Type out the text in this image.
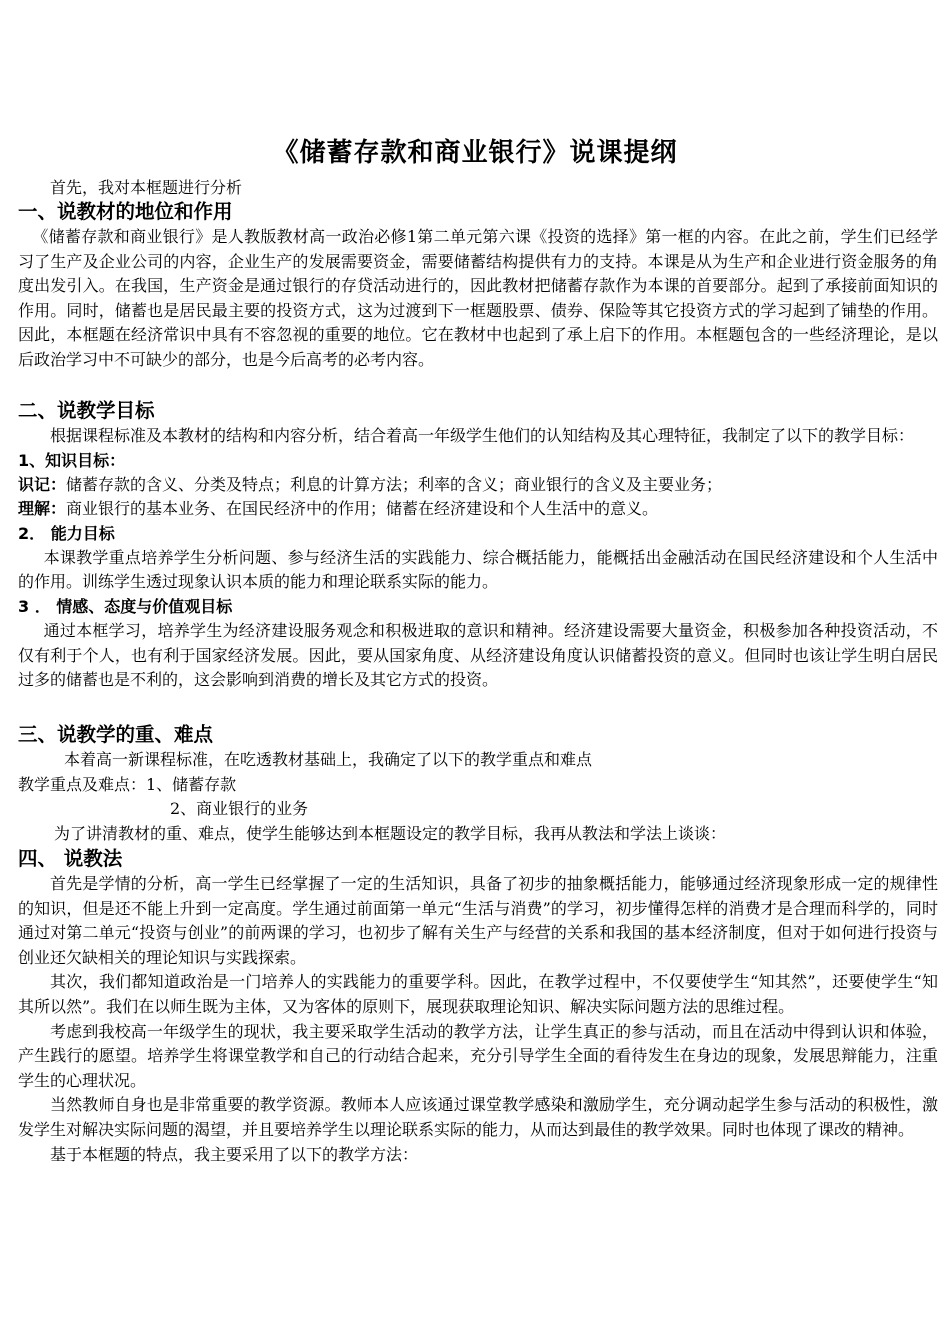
《储蓄存款和商业银行》说课提纲

首先，我对本框题进行分析

一、说教材的地位和作用

《储蓄存款和商业银行》是人教版教材高一政治必修1第二单元第六课《投资的选择》第一框的内容。在此之前，学生们已经学习了生产及企业公司的内容，企业生产的发展需要资金，需要储蓄结构提供有力的支持。本课是从为生产和企业进行资金服务的角度出发引入。在我国，生产资金是通过银行的存贷活动进行的，因此教材把储蓄存款作为本课的首要部分。起到了承接前面知识的作用。同时，储蓄也是居民最主要的投资方式，这为过渡到下一框题股票、债券、保险等其它投资方式的学习起到了铺垫的作用。因此，本框题在经济常识中具有不容忽视的重要的地位。它在教材中也起到了承上启下的作用。本框题包含的一些经济理论，是以后政治学习中不可缺少的部分，也是今后高考的必考内容。

二、说教学目标

根据课程标准及本教材的结构和内容分析，结合着高一年级学生他们的认知结构及其心理特征，我制定了以下的教学目标：

1、知识目标：

识记：储蓄存款的含义、分类及特点；利息的计算方法；利率的含义；商业银行的含义及主要业务；

理解：商业银行的基本业务、在国民经济中的作用；储蓄在经济建设和个人生活中的意义。

2． 能力目标

本课教学重点培养学生分析问题、参与经济生活的实践能力、综合概括能力，能概括出金融活动在国民经济建设和个人生活中的作用。训练学生透过现象认识本质的能力和理论联系实际的能力。

3 ． 情感、态度与价值观目标

通过本框学习，培养学生为经济建设服务观念和积极进取的意识和精神。经济建设需要大量资金，积极参加各种投资活动，不仅有利于个人，也有利于国家经济发展。因此，要从国家角度、从经济建设角度认识储蓄投资的意义。但同时也该让学生明白居民过多的储蓄也是不利的，这会影响到消费的增长及其它方式的投资。

三、说教学的重、难点

本着高一新课程标准，在吃透教材基础上，我确定了以下的教学重点和难点

教学重点及难点：1、储蓄存款

2、商业银行的业务

为了讲清教材的重、难点，使学生能够达到本框题设定的教学目标，我再从教法和学法上谈谈：

四、 说教法

首先是学情的分析，高一学生已经掌握了一定的生活知识，具备了初步的抽象概括能力，能够通过经济现象形成一定的规律性的知识，但是还不能上升到一定高度。学生通过前面第一单元“生活与消费”的学习，初步懂得怎样的消费才是合理而科学的，同时通过对第二单元“投资与创业”的前两课的学习，也初步了解有关生产与经营的关系和我国的基本经济制度，但对于如何进行投资与创业还欠缺相关的理论知识与实践探索。

其次，我们都知道政治是一门培养人的实践能力的重要学科。因此，在教学过程中，不仅要使学生“知其然”，还要使学生“知其所以然”。我们在以师生既为主体，又为客体的原则下，展现获取理论知识、解决实际问题方法的思维过程。

考虑到我校高一年级学生的现状，我主要采取学生活动的教学方法，让学生真正的参与活动，而且在活动中得到认识和体验，产生践行的愿望。培养学生将课堂教学和自己的行动结合起来，充分引导学生全面的看待发生在身边的现象，发展思辩能力，注重学生的心理状况。

当然教师自身也是非常重要的教学资源。教师本人应该通过课堂教学感染和激励学生，充分调动起学生参与活动的积极性，激发学生对解决实际问题的渴望，并且要培养学生以理论联系实际的能力，从而达到最佳的教学效果。同时也体现了课改的精神。

基于本框题的特点，我主要采用了以下的教学方法：
